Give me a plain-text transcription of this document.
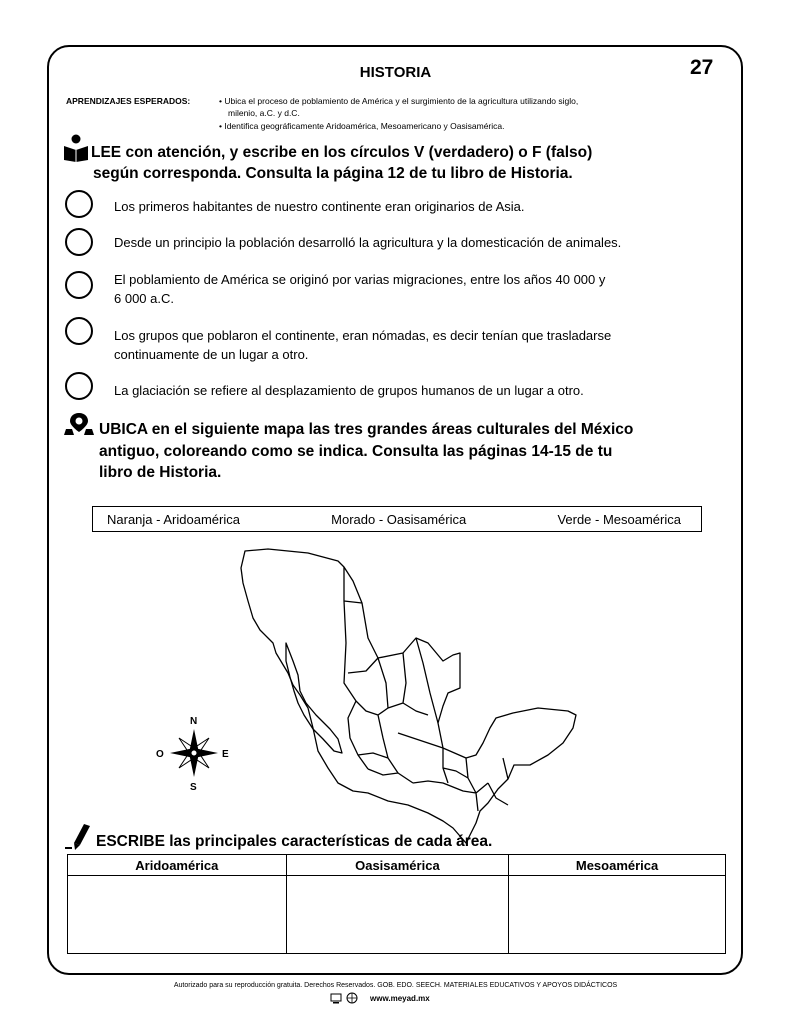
HISTORIA	27
APRENDIZAJES ESPERADOS:	• Ubica el proceso de poblamiento de América y el surgimiento de la agricultura utilizando siglo,
milenio, a.C. y d.C.
• Identifica geográficamente Aridoamérica, Mesoamericano y Oasisamérica.
LEE con atención, y escribe en los círculos V (verdadero) o F (falso)
según corresponda. Consulta la página 12 de tu libro de Historia.
Los primeros habitantes de nuestro continente eran originarios de Asia.
Desde un principio la población desarrolló la agricultura y la domesticación de animales.
El poblamiento de América se originó por varias migraciones, entre los años 40 000 y
6 000 a.C.
Los grupos que poblaron el continente, eran nómadas, es decir tenían que trasladarse
continuamente de un lugar a otro.
La glaciación se refiere al desplazamiento de grupos humanos de un lugar a otro.
UBICA en el siguiente mapa las tres grandes áreas culturales del México
antiguo, coloreando como se indica. Consulta las páginas 14-15 de tu
libro de Historia.
Naranja - Aridoamérica	Morado - Oasisamérica	Verde - Mesoamérica
N
S
E
O
ESCRIBE las principales características de cada área.
Aridoamérica	Oasisamérica	Mesoamérica

Autorizado para su reproducción gratuita. Derechos Reservados. GOB. EDO. SEECH. MATERIALES EDUCATIVOS Y APOYOS DIDÁCTICOS
www.meyad.mx
